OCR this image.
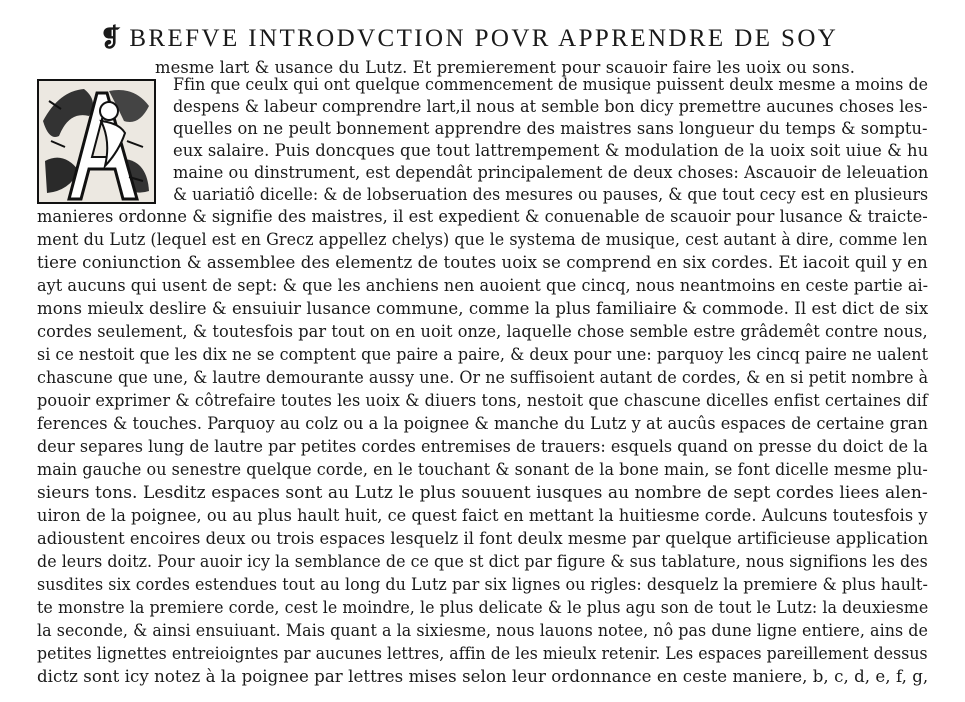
❡ BREFVE INTRODVCTION POVR APPRENDRE DE SOY
mesme lart & usance du Lutz. Et premierement pour scauoir faire les uoix ou sons.
Ffin que ceulx qui ont quelque commencement de musique puissent deulx mesme a moins de
despens & labeur comprendre lart,il nous at semble bon dicy premettre aucunes choses les-
quelles on ne peult bonnement apprendre des maistres sans longueur du temps & somptu-
eux salaire. Puis doncques que tout lattrempement & modulation de la uoix soit uiue & hu
maine ou dinstrument, est dependât principalement de deux choses: Ascauoir de leleuation
& uariatiô dicelle: & de lobseruation des mesures ou pauses, & que tout cecy est en plusieurs
manieres ordonne & signifie des maistres, il est expedient & conuenable de scauoir pour lusance & traicte-
ment du Lutz (lequel est en Grecz appellez chelys) que le systema de musique, cest autant à dire, comme len
tiere coniunction & assemblee des elementz de toutes uoix se comprend en six cordes. Et iacoit quil y en
ayt aucuns qui usent de sept: & que les anchiens nen auoient que cincq, nous neantmoins en ceste partie ai-
mons mieulx deslire & ensuiuir lusance commune, comme la plus familiaire & commode. Il est dict de six
cordes seulement, & toutesfois par tout on en uoit onze, laquelle chose semble estre grâdemêt contre nous,
si ce nestoit que les dix ne se comptent que paire a paire, & deux pour une: parquoy les cincq paire ne ualent
chascune que une, & lautre demourante aussy une. Or ne suffisoient autant de cordes, & en si petit nombre à
pouoir exprimer & côtrefaire toutes les uoix & diuers tons, nestoit que chascune dicelles enfist certaines dif
ferences & touches. Parquoy au colz ou a la poignee & manche du Lutz y at aucûs espaces de certaine gran
deur separes lung de lautre par petites cordes entremises de trauers: esquels quand on presse du doict de la
main gauche ou senestre quelque corde, en le touchant & sonant de la bone main, se font dicelle mesme plu-
sieurs tons. Lesditz espaces sont au Lutz le plus souuent iusques au nombre de sept cordes liees alen-
uiron de la poignee, ou au plus hault huit, ce quest faict en mettant la huitiesme corde. Aulcuns toutesfois y
adioustent encoires deux ou trois espaces lesquelz il font deulx mesme par quelque artificieuse application
de leurs doitz. Pour auoir icy la semblance de ce que st dict par figure & sus tablature, nous signifions les des
susdites six cordes estendues tout au long du Lutz par six lignes ou rigles: desquelz la premiere & plus hault-
te monstre la premiere corde, cest le moindre, le plus delicate & le plus agu son de tout le Lutz: la deuxiesme
la seconde, & ainsi ensuiuant. Mais quant a la sixiesme, nous lauons notee, nô pas dune ligne entiere, ains de
petites lignettes entreioigntes par aucunes lettres, affin de les mieulx retenir. Les espaces pareillement dessus
dictz sont icy notez à la poignee par lettres mises selon leur ordonnance en ceste maniere, b, c, d, e, f, g,
